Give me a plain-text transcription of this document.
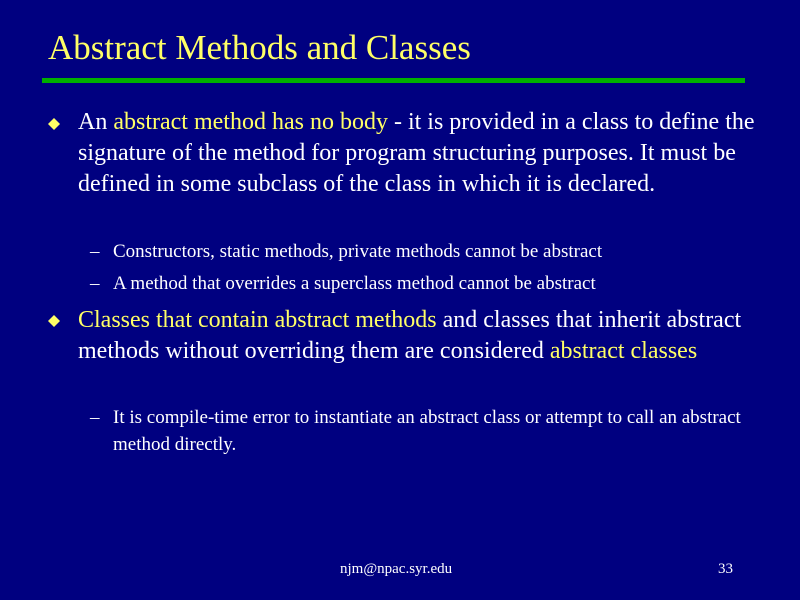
Abstract Methods and Classes

An abstract method has no body - it is provided in a class to define the signature of the method for program structuring purposes. It must be defined in some subclass of the class in which it is declared.

– Constructors, static methods, private methods cannot be abstract
– A method that overrides a superclass method cannot be abstract

Classes that contain abstract methods and classes that inherit abstract methods without overriding them are considered abstract classes

– It is compile-time error to instantiate an abstract class or attempt to call an abstract method directly.
njm@npac.syr.edu	33
